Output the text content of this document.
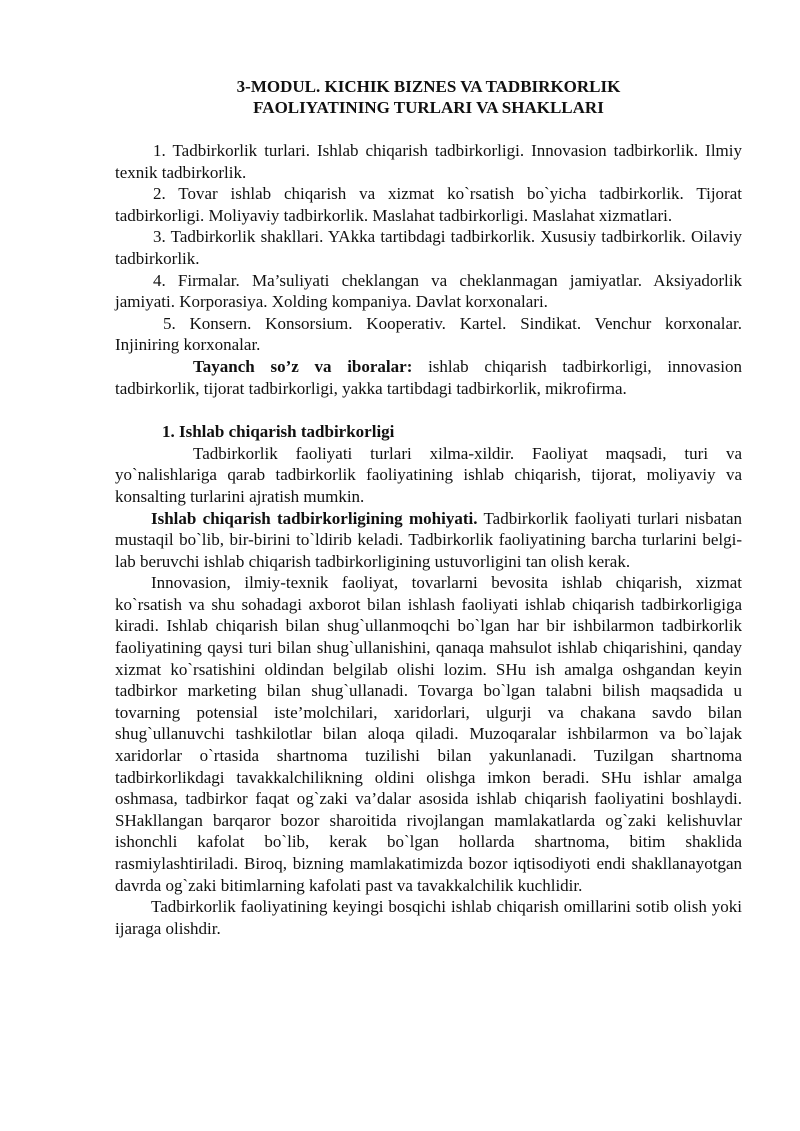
3-MODUL. KICHIK BIZNES VA TADBIRKORLIK

FAOLIYATINING TURLARI VA SHAKLLARI

1. Tadbirkorlik turlari. Ishlab chiqarish tadbirkorligi. Innovasion tadbirkorlik. Ilmiy texnik tadbirkorlik.

2. Tovar ishlab chiqarish va xizmat ko`rsatish bo`yicha tadbirkorlik. Tijorat tadbirkorligi. Moliyaviy tadbirkorlik. Maslahat tadbirkorligi. Maslahat xizmatlari.

3. Tadbirkorlik shakllari. YAkka tartibdagi tadbirkorlik. Xususiy tadbirkorlik. Oilaviy tadbirkorlik.

4. Firmalar. Ma’suliyati cheklangan va cheklanmagan jamiyatlar. Aksiyadorlik jamiyati. Korporasiya. Xolding kompaniya. Davlat korxonalari.

5. Konsern. Konsorsium. Kooperativ. Kartel. Sindikat. Venchur korxonalar. Injiniring korxonalar.

Tayanch so’z va iboralar: ishlab chiqarish tadbirkorligi, innovasion tadbirkorlik, tijorat tadbirkorligi, yakka tartibdagi tadbirkorlik, mikrofirma.

1. Ishlab chiqarish tadbirkorligi

Tadbirkorlik faoliyati turlari xilma-xildir. Faoliyat maqsadi, turi va yo`nalishlariga qarab tadbirkorlik faoliyatining ishlab chiqarish, tijorat, moliyaviy va konsalting turlarini ajratish mumkin.

Ishlab chiqarish tadbirkorligining mohiyati. Tadbirkorlik faoliyati turlari nisbatan mustaqil bo`lib, bir-birini to`ldirib keladi. Tadbirkorlik faoliyatining barcha turlarini belgi-lab beruvchi ishlab chiqarish tadbirkorligining ustuvorligini tan olish kerak.

Innovasion, ilmiy-texnik faoliyat, tovarlarni bevosita ishlab chiqarish, xizmat ko`rsatish va shu sohadagi axborot bilan ishlash faoliyati ishlab chiqarish tadbirkorligiga kiradi. Ishlab chiqarish bilan shug`ullanmoqchi bo`lgan har bir ishbilarmon tadbirkorlik faoliyatining qaysi turi bilan shug`ullanishini, qanaqa mahsulot ishlab chiqarishini, qanday xizmat ko`rsatishini oldindan belgilab olishi lozim. SHu ish amalga oshgandan keyin tadbirkor marketing bilan shug`ullanadi. Tovarga bo`lgan talabni bilish maqsadida u tovarning potensial iste’molchilari, xaridorlari, ulgurji va chakana savdo bilan shug`ullanuvchi tashkilotlar bilan aloqa qiladi. Muzoqaralar ishbilarmon va bo`lajak xaridorlar o`rtasida shartnoma tuzilishi bilan yakunlanadi. Tuzilgan shartnoma tadbirkorlikdagi tavakkalchilikning oldini olishga imkon beradi. SHu ishlar amalga oshmasa, tadbirkor faqat og`zaki va’dalar asosida ishlab chiqarish faoliyatini boshlaydi. SHakllangan barqaror bozor sharoitida rivojlangan mamlakatlarda og`zaki kelishuvlar ishonchli kafolat bo`lib, kerak bo`lgan hollarda shartnoma, bitim shaklida rasmiylashtiriladi. Biroq, bizning mamlakatimizda bozor iqtisodiyoti endi shakllanayotgan davrda og`zaki bitimlarning kafolati past va tavakkalchilik kuchlidir.

Tadbirkorlik faoliyatining keyingi bosqichi ishlab chiqarish omillarini sotib olish yoki ijaraga olishdir.
